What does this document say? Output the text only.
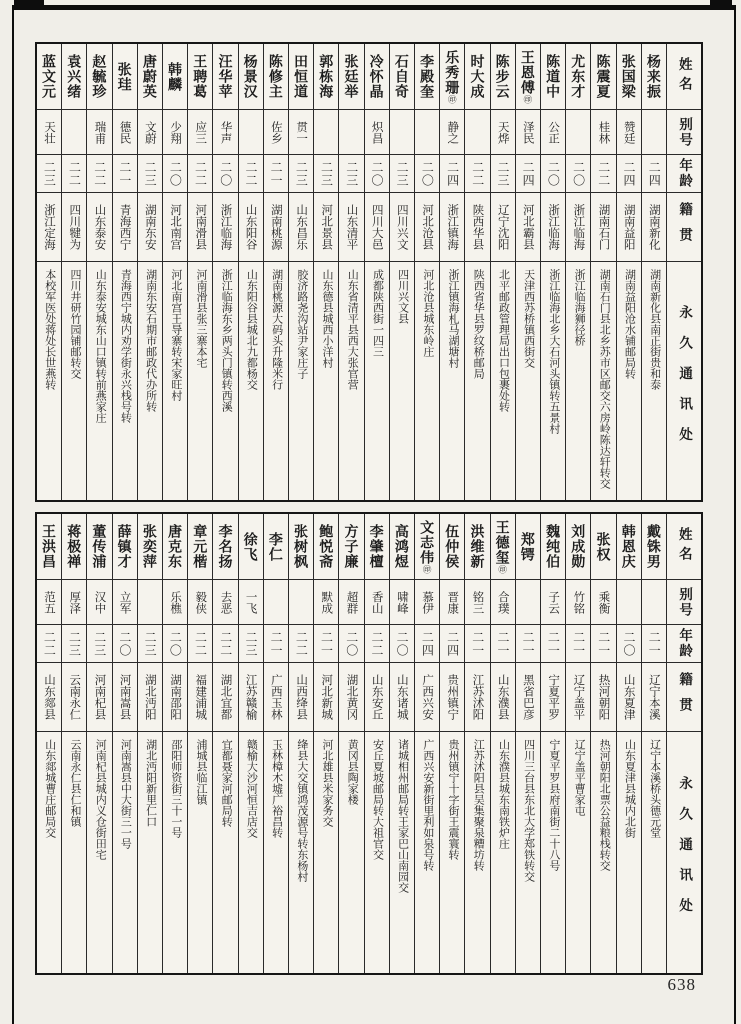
姓名
别号
年龄
籍贯
永久通讯处
杨来振
二四
湖南新化
湖南新化县南正街贵和泰
张国梁
赞廷
二四
湖南益阳
湖南益阳沧水铺邮局转
陈震夏
桂林
二二
湖南石门
湖南石门县北乡苏市区邮交六房岭陈达轩转交
尤东才
二〇
浙江临海
浙江临海狮径桥
陈道中
公正
二〇
浙江临海
浙江临海北乡大石河头镇转五景村
王恩傅㊞
泽民
二四
河北霸县
天津西苏桥镇西街交
陈步云
天烨
二三
辽宁沈阳
北平邮政管理局出口包裹处转
时大成
二二
陕西华县
陕西省华县罗纹桥邮局
乐秀珊㊞
静之
二四
浙江镇海
浙江镇海札马湖塘村
李殿奎
二〇
河北沧县
河北沧县城东岭庄
石自奇
二三
四川兴文
四川兴文县
冷怀晶
炽昌
二〇
四川大邑
成都陕西街一四三
张廷举
二三
山东清平
山东省清平县西大张官营
郭栋海
二三
河北景县
山东德县城西小洋村
田恒道
贯一
二三
山东昌乐
胶济路尧沟站尹家庄子
陈修主
佐乡
二一
湖南桃源
湖南桃源大码头升隆米行
杨景汉
二二
山东阳谷
山东阳谷县城北九都杨交
汪华苹
华声
二〇
浙江临海
浙江临海东乡两头门镇转西溪
王聘葛
应三
二二
河南滑县
河南滑县张三寨本宅
韩麟
少翔
二〇
河北南宫
河北南宫王导寨转宋家旺村
唐蔚英
文蔚
二三
湖南东安
湖南东安石期市邮政代办所转
张珪
德民
二一
青海西宁
青海西宁城内劝学街永兴栈号转
赵毓珍
瑞甫
二二
山东泰安
山东泰安城东山口镇转前燕家庄
袁兴绪
二二
四川犍为
四川井研竹园铺邮转交
蓝文元
天壮
二三
浙江定海
本校军医处蒋处长世燕转
姓名
别号
年龄
籍贯
永久通讯处
戴铢男
二一
辽宁本溪
辽宁本溪桥头德元堂
韩恩庆
二〇
山东夏津
山东夏津县城内北街
张权
乘衡
二一
热河朝阳
热河朝阳北票公益粮栈转交
刘成勋
竹铭
二一
辽宁盖平
辽宁盖平曹家屯
魏纯伯
子云
二一
宁夏平罗
宁夏平罗县府南街二十八号
郑锷
二一
黑省巴彦
四川三台县东北大学郑铁转交
王德玺㊞
合璞
二一
山东濮县
山东濮县城东南铁炉庄
洪维新
铭三
二一
江苏沭阳
江苏沭阳县吴集聚泉糟坊转
伍仲侯
晋康
二四
贵州镇宁
贵州镇宁十字街王震寰转
文志伟㊞
慕伊
二四
广西兴安
广西兴安新街里利如泉号转
高鸿煜
啸峰
二〇
山东诸城
诸城相州邮局转王家巴山南园交
李肇檀
香山
二二
山东安丘
安丘夏坡邮局转大祖官交
方子廉
超群
二〇
湖北黄冈
黄冈县陶家楼
鲍悦斋
默成
二一
河北新城
河北雄县米家务交
张树枫
二二
山西绛县
绛县大交镇鸿茂源号转东杨村
李仁
二一
广西玉林
玉林樟木墟广裕昌转
徐飞
一飞
二三
江苏赣榆
赣榆大沙河恒吉店交
李名扬
去恶
二二
湖北宜都
宜都聂家河邮局转
章元楷
毅侠
二二
福建浦城
浦城县临江镇
唐克东
乐樵
二〇
湖南邵阳
邵阳师资街三十一号
张奕萍
二三
湖北沔阳
湖北沔阳新里仁口
薛镇才
立军
二〇
河南嵩县
河南嵩县中大街三一号
董传浦
汉中
二三
河南杞县
河南杞县城内义仓街田宅
蒋极禅
厚泽
二三
云南永仁
云南永仁县仁和镇
王洪昌
范五
二二
山东郯县
山东郯城曹庄邮局交
638
